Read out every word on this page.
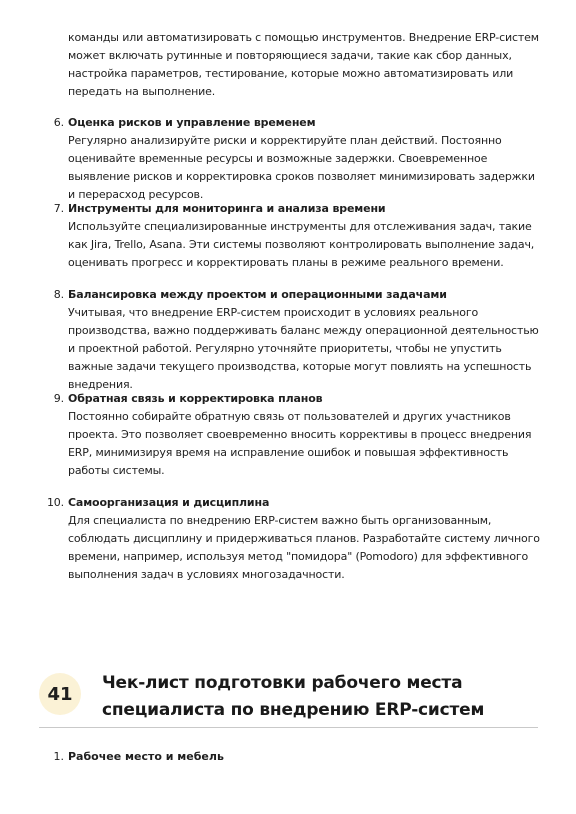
команды или автоматизировать с помощью инструментов. Внедрение ERP-систем может включать рутинные и повторяющиеся задачи, такие как сбор данных, настройка параметров, тестирование, которые можно автоматизировать или передать на выполнение.

6. Оценка рисков и управление временем
Регулярно анализируйте риски и корректируйте план действий. Постоянно оценивайте временные ресурсы и возможные задержки. Своевременное выявление рисков и корректировка сроков позволяет минимизировать задержки и перерасход ресурсов.
7. Инструменты для мониторинга и анализа времени
Используйте специализированные инструменты для отслеживания задач, такие как Jira, Trello, Asana. Эти системы позволяют контролировать выполнение задач, оценивать прогресс и корректировать планы в режиме реального времени.
8. Балансировка между проектом и операционными задачами
Учитывая, что внедрение ERP-систем происходит в условиях реального производства, важно поддерживать баланс между операционной деятельностью и проектной работой. Регулярно уточняйте приоритеты, чтобы не упустить важные задачи текущего производства, которые могут повлиять на успешность внедрения.
9. Обратная связь и корректировка планов
Постоянно собирайте обратную связь от пользователей и других участников проекта. Это позволяет своевременно вносить коррективы в процесс внедрения ERP, минимизируя время на исправление ошибок и повышая эффективность работы системы.
10. Самоорганизация и дисциплина
Для специалиста по внедрению ERP-систем важно быть организованным, соблюдать дисциплину и придерживаться планов. Разработайте систему личного времени, например, используя метод "помидора" (Pomodoro) для эффективного выполнения задач в условиях многозадачности.
41
Чек-лист подготовки рабочего места специалиста по внедрению ERP-систем
1. Рабочее место и мебель
